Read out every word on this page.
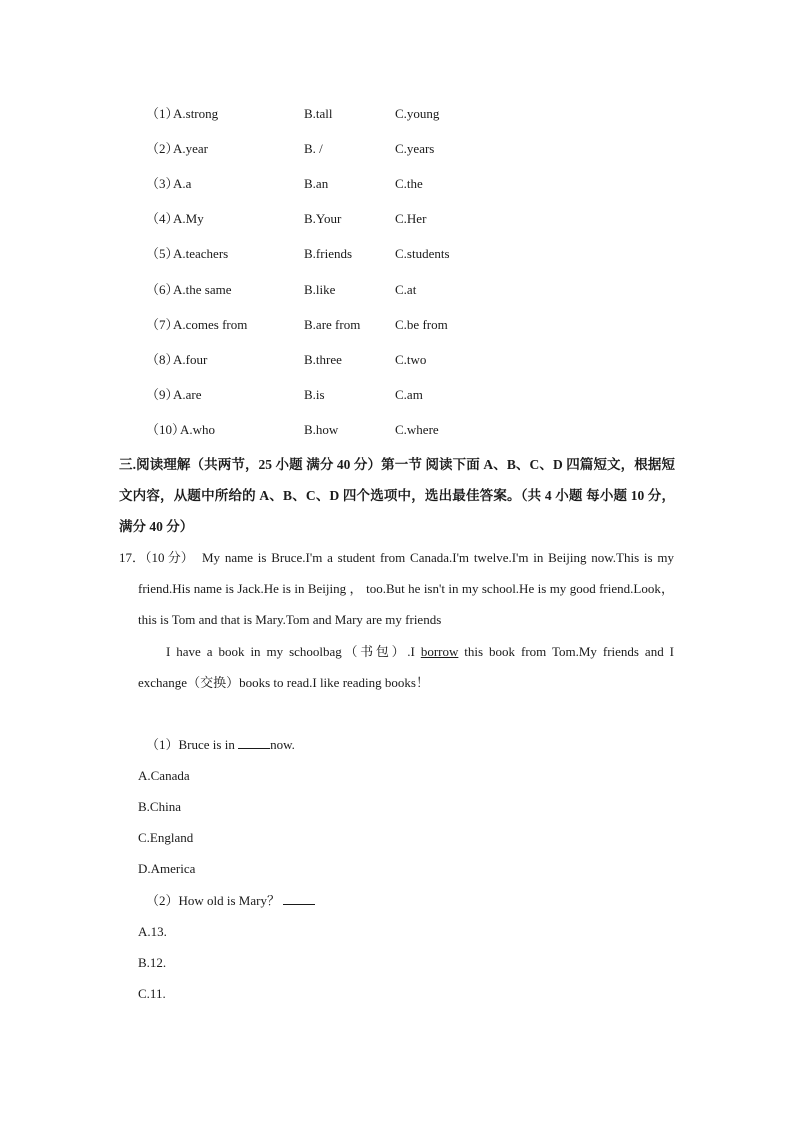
（1）
A.strong	B.tall	C.young
（2）
A.year	B. /	C.years
（3）
A.a	B.an	C.the
（4）
A.My	B.Your	C.Her
（5）
A.teachers	B.friends	C.students
（6）
A.the same	B.like	C.at
（7）
A.comes from	B.are from	C.be from
（8）
A.four	B.three	C.two
（9）
A.are	B.is	C.am
（10）
A.who	B.how	C.where
三.阅读理解（共两节，25 小题 满分 40 分）第一节 阅读下面 A、B、C、D 四篇短文，根据短文内容，从题中所给的 A、B、C、D 四个选项中，选出最佳答案。（共 4 小题 每小题 10 分，满分 40 分）
17．（10 分） My name is Bruce.I'm a student from Canada.I'm twelve.I'm in Beijing now.This is my friend.His name is Jack.He is in Beijing ， too.But he isn't in my school.He is my good friend.Look，this is Tom and that is Mary.Tom and Mary are my friends
I have a book in my schoolbag（书包）.I borrow this book from Tom.My friends and I exchange（交换）books to read.I like reading books！
（1）Bruce is in now.
A.Canada
B.China
C.England
D.America
（2）How old is Mary？
A.13.
B.12.
C.11.
